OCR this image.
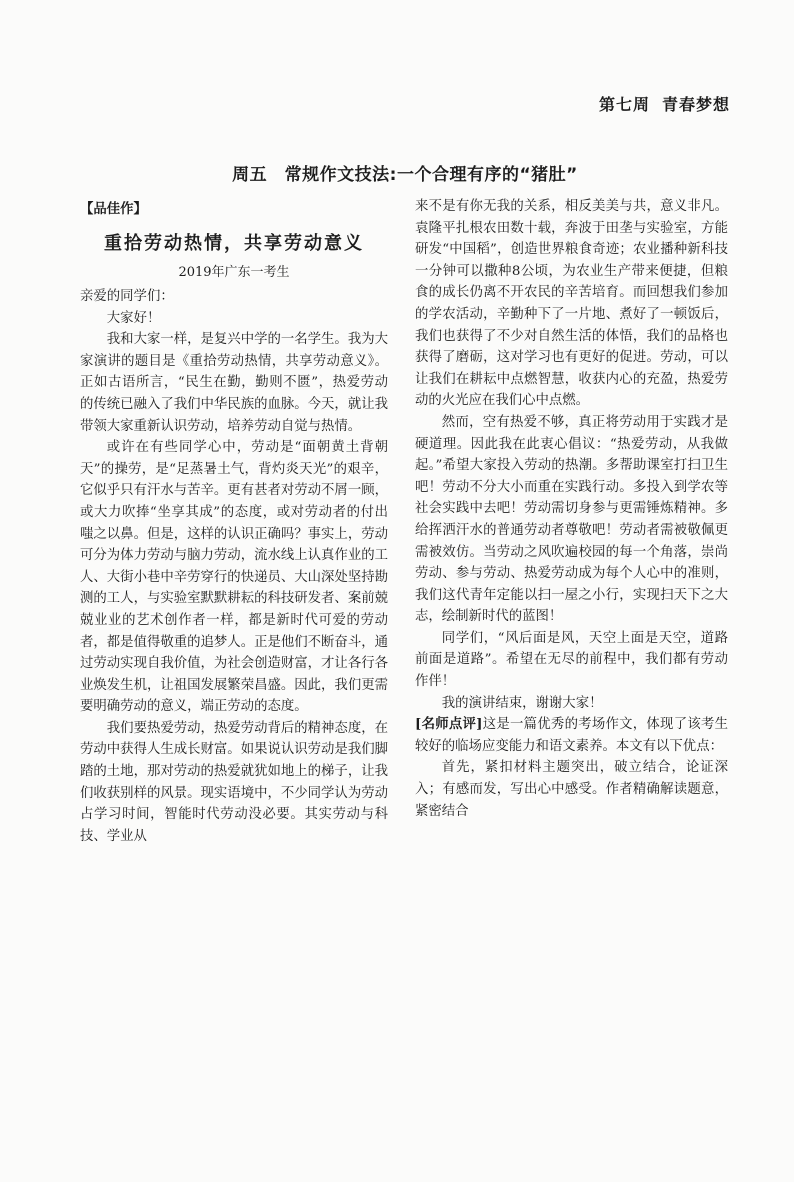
第七周 青春梦想
周五　常规作文技法:一个合理有序的“猪肚”
【品佳作】
重拾劳动热情，共享劳动意义
2019年广东一考生

亲爱的同学们：

大家好！

我和大家一样，是复兴中学的一名学生。我为大家演讲的题目是《重拾劳动热情，共享劳动意义》。正如古语所言，“民生在勤，勤则不匮”，热爱劳动的传统已融入了我们中华民族的血脉。今天，就让我带领大家重新认识劳动，培养劳动自觉与热情。

或许在有些同学心中，劳动是“面朝黄土背朝天”的操劳，是“足蒸暑土气，背灼炎天光”的艰辛，它似乎只有汗水与苦辛。更有甚者对劳动不屑一顾，或大力吹捧“坐享其成”的态度，或对劳动者的付出嗤之以鼻。但是，这样的认识正确吗？事实上，劳动可分为体力劳动与脑力劳动，流水线上认真作业的工人、大街小巷中辛劳穿行的快递员、大山深处坚持勘测的工人，与实验室默默耕耘的科技研发者、案前兢兢业业的艺术创作者一样，都是新时代可爱的劳动者，都是值得敬重的追梦人。正是他们不断奋斗，通过劳动实现自我价值，为社会创造财富，才让各行各业焕发生机，让祖国发展繁荣昌盛。因此，我们更需要明确劳动的意义，端正劳动的态度。

我们要热爱劳动，热爱劳动背后的精神态度，在劳动中获得人生成长财富。如果说认识劳动是我们脚踏的土地，那对劳动的热爱就犹如地上的梯子，让我们收获别样的风景。现实语境中，不少同学认为劳动占学习时间，智能时代劳动没必要。其实劳动与科技、学业从

来不是有你无我的关系，相反美美与共，意义非凡。袁隆平扎根农田数十载，奔波于田垄与实验室，方能研发“中国稻”，创造世界粮食奇迹；农业播种新科技一分钟可以撒种8公顷，为农业生产带来便捷，但粮食的成长仍离不开农民的辛苦培育。而回想我们参加的学农活动，辛勤种下了一片地、煮好了一顿饭后，我们也获得了不少对自然生活的体悟，我们的品格也获得了磨砺，这对学习也有更好的促进。劳动，可以让我们在耕耘中点燃智慧，收获内心的充盈，热爱劳动的火光应在我们心中点燃。

然而，空有热爱不够，真正将劳动用于实践才是硬道理。因此我在此衷心倡议：“热爱劳动，从我做起。”希望大家投入劳动的热潮。多帮助课室打扫卫生吧！劳动不分大小而重在实践行动。多投入到学农等社会实践中去吧！劳动需切身参与更需锤炼精神。多给挥洒汗水的普通劳动者尊敬吧！劳动者需被敬佩更需被效仿。当劳动之风吹遍校园的每一个角落，崇尚劳动、参与劳动、热爱劳动成为每个人心中的准则，我们这代青年定能以扫一屋之小行，实现扫天下之大志，绘制新时代的蓝图！

同学们，“风后面是风，天空上面是天空，道路前面是道路”。希望在无尽的前程中，我们都有劳动作伴！

我的演讲结束，谢谢大家！

[名师点评]这是一篇优秀的考场作文，体现了该考生较好的临场应变能力和语文素养。本文有以下优点：

首先，紧扣材料主题突出，破立结合，论证深入；有感而发，写出心中感受。作者精确解读题意，紧密结合
